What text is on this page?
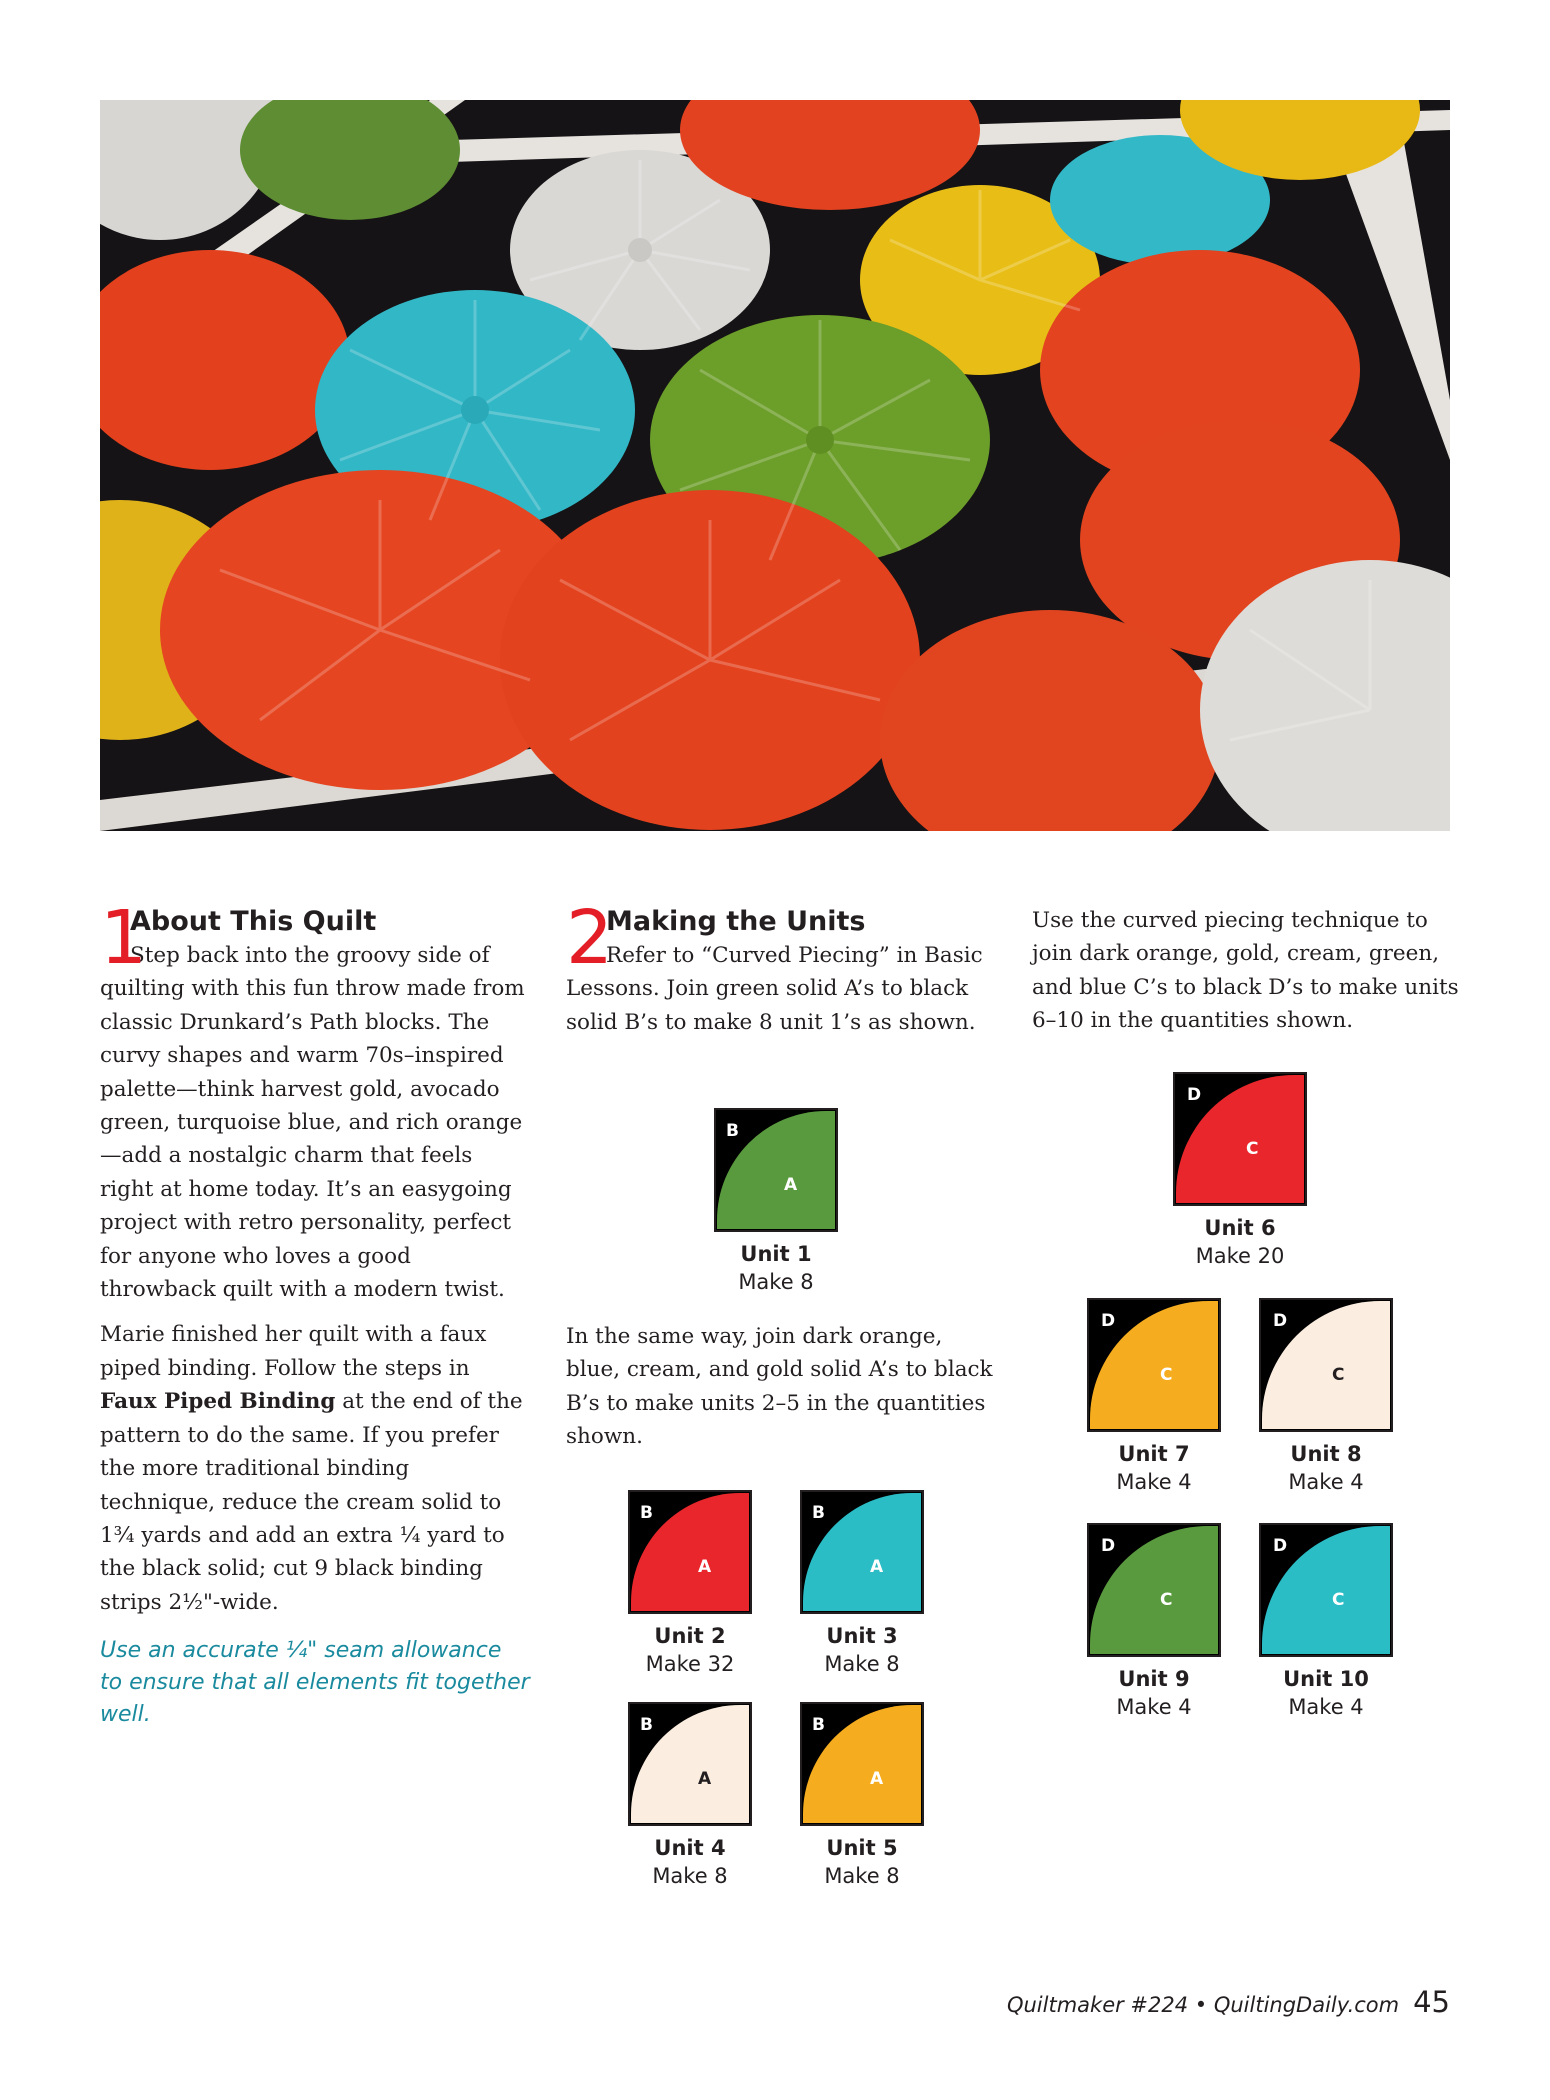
1
About This Quilt

Step back into the groovy side of quilting with this fun throw made from classic Drunkard’s Path blocks. The curvy shapes and warm 70s–inspired palette—think harvest gold, avocado green, turquoise blue, and rich orange—add a nostalgic charm that feels right at home today. It’s an easygoing project with retro personality, perfect for anyone who loves a good throwback quilt with a modern twist.

Marie finished her quilt with a faux piped binding. Follow the steps in Faux Piped Binding at the end of the pattern to do the same. If you prefer the more traditional binding technique, reduce the cream solid to 1¾ yards and add an extra ¼ yard to the black solid; cut 9 black binding strips 2½"-wide.

Use an accurate ¼" seam allowance to ensure that all elements fit together well.

2
Making the Units

Refer to “Curved Piecing” in Basic Lessons. Join green solid A’s to black solid B’s to make 8 unit 1’s as shown.

In the same way, join dark orange, blue, cream, and gold solid A’s to black B’s to make units 2–5 in the quantities shown.

Use the curved piecing technique to join dark orange, gold, cream, green, and blue C’s to black D’s to make units 6–10 in the quantities shown.

B
A
Unit 1
Make 8
B
A
Unit 2
Make 32
B
A
Unit 3
Make 8
B
A
Unit 4
Make 8
B
A
Unit 5
Make 8
D
C
Unit 6
Make 20
D
C
Unit 7
Make 4
D
C
Unit 8
Make 4
D
C
Unit 9
Make 4
D
C
Unit 10
Make 4
Quiltmaker #224 • QuiltingDaily.com 45
